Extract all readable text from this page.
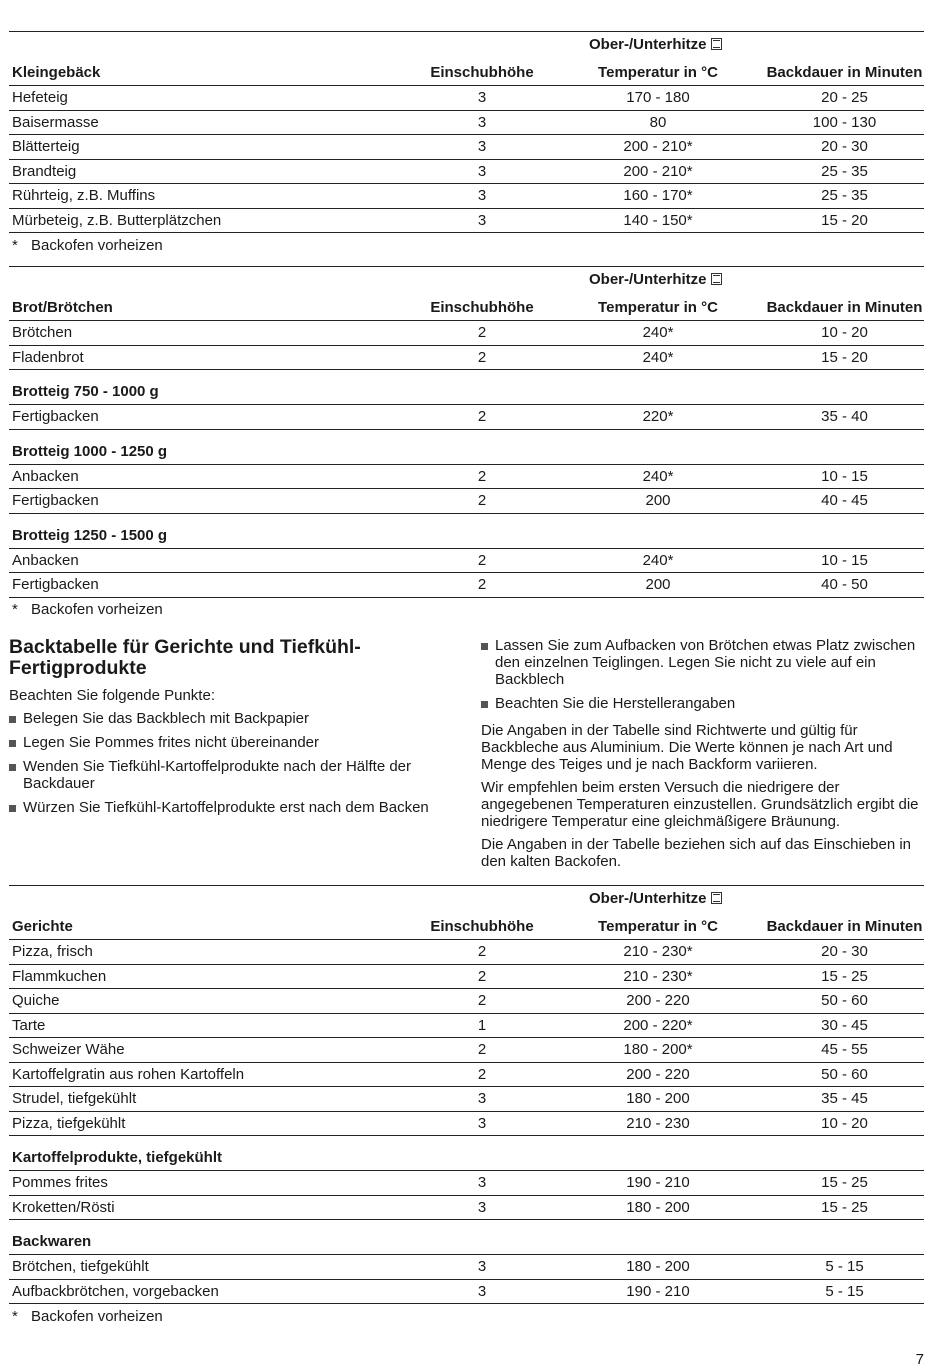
Ober-/Unterhitze
Kleingebäck	Einschubhöhe	Temperatur in °C	Backdauer in Minuten
Hefeteig	3	170 - 180	20 - 25
Baisermasse	3	80	100 - 130
Blätterteig	3	200 - 210*	20 - 30
Brandteig	3	200 - 210*	25 - 35
Rührteig, z.B. Muffins	3	160 - 170*	25 - 35
Mürbeteig, z.B. Butterplätzchen	3	140 - 150*	15 - 20
* Backofen vorheizen
Ober-/Unterhitze
Brot/Brötchen	Einschubhöhe	Temperatur in °C	Backdauer in Minuten
Brötchen	2	240*	10 - 20
Fladenbrot	2	240*	15 - 20
Brotteig 750 - 1000 g
Fertigbacken	2	220*	35 - 40
Brotteig 1000 - 1250 g
Anbacken	2	240*	10 - 15
Fertigbacken	2	200	40 - 45
Brotteig 1250 - 1500 g
Anbacken	2	240*	10 - 15
Fertigbacken	2	200	40 - 50
* Backofen vorheizen
Backtabelle für Gerichte und Tiefkühl-Fertigprodukte

Beachten Sie folgende Punkte:

Belegen Sie das Backblech mit Backpapier
Legen Sie Pommes frites nicht übereinander
Wenden Sie Tiefkühl-Kartoffelprodukte nach der Hälfte der Backdauer
Würzen Sie Tiefkühl-Kartoffelprodukte erst nach dem Backen
Lassen Sie zum Aufbacken von Brötchen etwas Platz zwischen den einzelnen Teiglingen. Legen Sie nicht zu viele auf ein Backblech
Beachten Sie die Herstellerangaben

Die Angaben in der Tabelle sind Richtwerte und gültig für Backbleche aus Aluminium. Die Werte können je nach Art und Menge des Teiges und je nach Backform variieren.

Wir empfehlen beim ersten Versuch die niedrigere der angegebenen Temperaturen einzustellen. Grundsätzlich ergibt die niedrigere Temperatur eine gleichmäßigere Bräunung.

Die Angaben in der Tabelle beziehen sich auf das Einschieben in den kalten Backofen.

Ober-/Unterhitze
Gerichte	Einschubhöhe	Temperatur in °C	Backdauer in Minuten
Pizza, frisch	2	210 - 230*	20 - 30
Flammkuchen	2	210 - 230*	15 - 25
Quiche	2	200 - 220	50 - 60
Tarte	1	200 - 220*	30 - 45
Schweizer Wähe	2	180 - 200*	45 - 55
Kartoffelgratin aus rohen Kartoffeln	2	200 - 220	50 - 60
Strudel, tiefgekühlt	3	180 - 200	35 - 45
Pizza, tiefgekühlt	3	210 - 230	10 - 20
Kartoffelprodukte, tiefgekühlt
Pommes frites	3	190 - 210	15 - 25
Kroketten/Rösti	3	180 - 200	15 - 25
Backwaren
Brötchen, tiefgekühlt	3	180 - 200	5 - 15
Aufbackbrötchen, vorgebacken	3	190 - 210	5 - 15
* Backofen vorheizen
7
